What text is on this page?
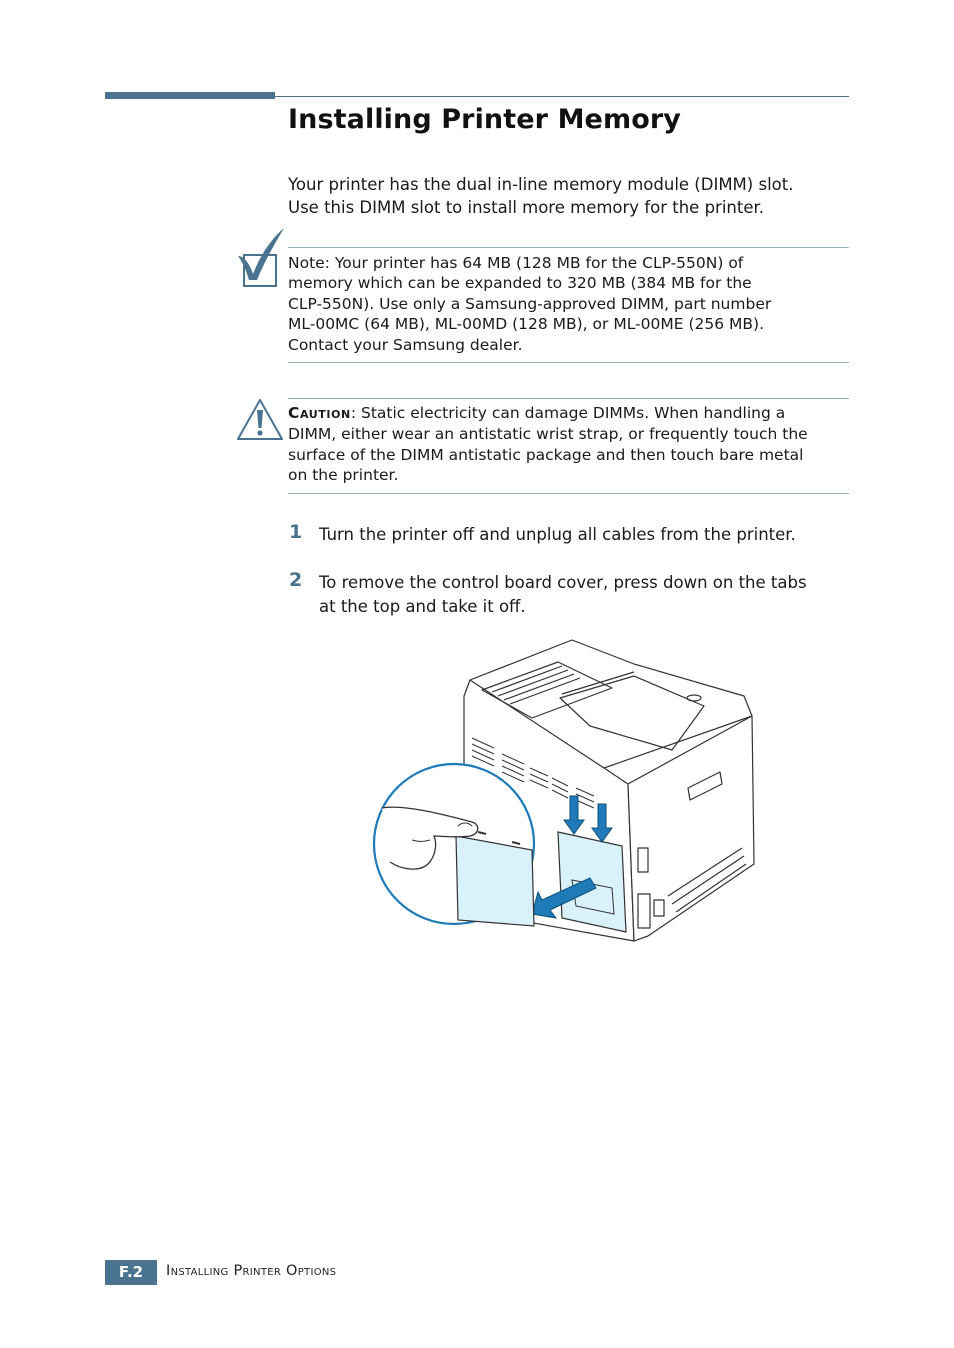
Installing Printer Memory
Your printer has the dual in-line memory module (DIMM) slot.
Use this DIMM slot to install more memory for the printer.
Note: Your printer has 64 MB (128 MB for the CLP-550N) of
memory which can be expanded to 320 MB (384 MB for the
CLP-550N). Use only a Samsung-approved DIMM, part number
ML-00MC (64 MB), ML-00MD (128 MB), or ML-00ME (256 MB).
Contact your Samsung dealer.
Caution: Static electricity can damage DIMMs. When handling a
DIMM, either wear an antistatic wrist strap, or frequently touch the
surface of the DIMM antistatic package and then touch bare metal
on the printer.
1 Turn the printer off and unplug all cables from the printer.
2 To remove the control board cover, press down on the tabs
at the top and take it off.
F.2	Installing Printer Options
